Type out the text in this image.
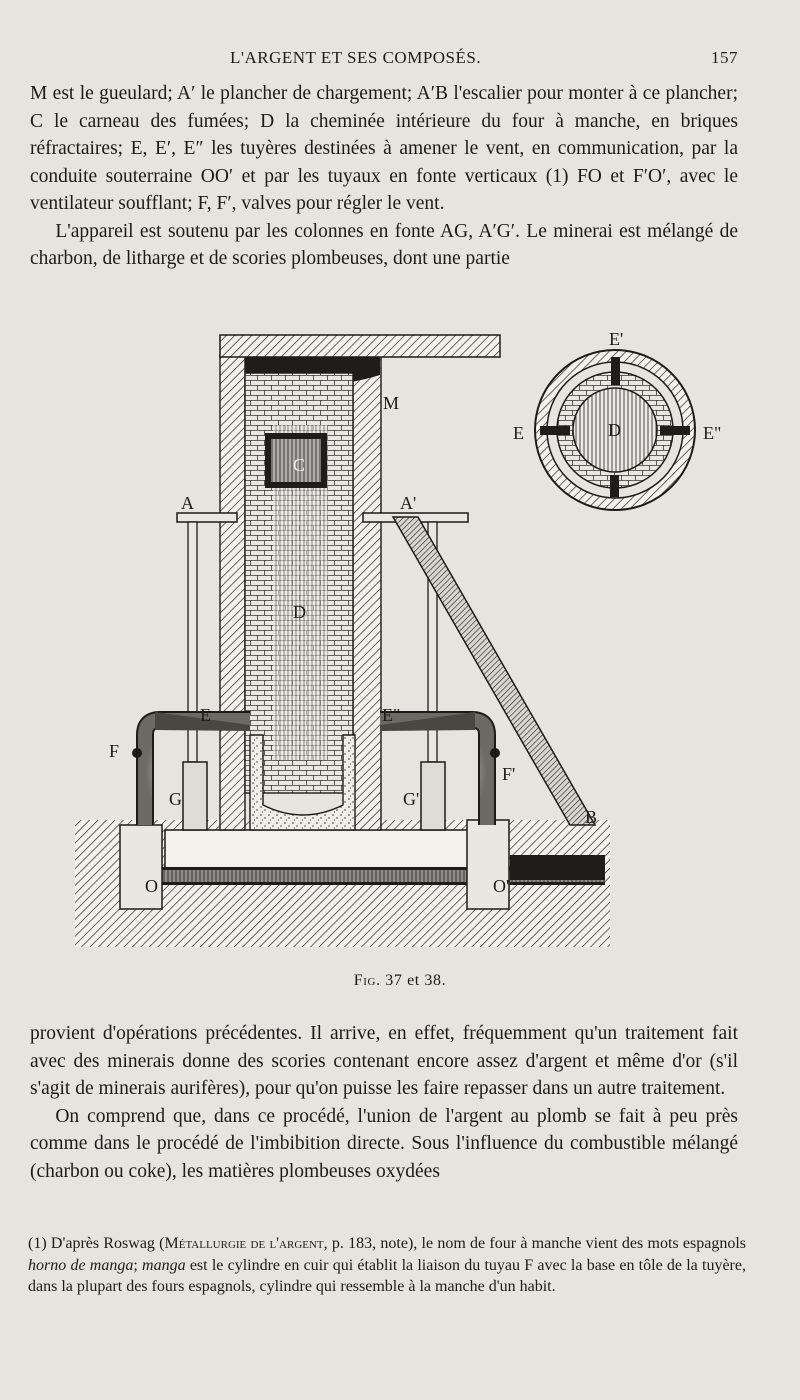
L'ARGENT ET SES COMPOSÉS.	157

M est le gueulard; A′ le plancher de chargement; A′B l'escalier pour monter à ce plancher; C le carneau des fumées; D la cheminée intérieure du four à manche, en briques réfractaires; E, E′, E″ les tuyères destinées à amener le vent, en communication, par la conduite souterraine OO′ et par les tuyaux en fonte verticaux (1) FO et F′O′, avec le ventilateur soufflant; F, F′, valves pour régler le vent.

L'appareil est soutenu par les colonnes en fonte AG, A′G′. Le minerai est mélangé de charbon, de litharge et de scories plombeuses, dont une partie

A	A'
M
C
D
E	E"
F
F'
G	G'
O	O'
B
E
E'
E"
D
Fig. 37 et 38.

provient d'opérations précédentes. Il arrive, en effet, fréquemment qu'un traitement fait avec des minerais donne des scories contenant encore assez d'argent et même d'or (s'il s'agit de minerais aurifères), pour qu'on puisse les faire repasser dans un autre traitement.

On comprend que, dans ce procédé, l'union de l'argent au plomb se fait à peu près comme dans le procédé de l'imbibition directe. Sous l'influence du combustible mélangé (charbon ou coke), les matières plombeuses oxydées

(1) D'après Roswag (Métallurgie de l'argent, p. 183, note), le nom de four à manche vient des mots espagnols horno de manga; manga est le cylindre en cuir qui établit la liaison du tuyau F avec la base en tôle de la tuyère, dans la plupart des fours espagnols, cylindre qui ressemble à la manche d'un habit.
